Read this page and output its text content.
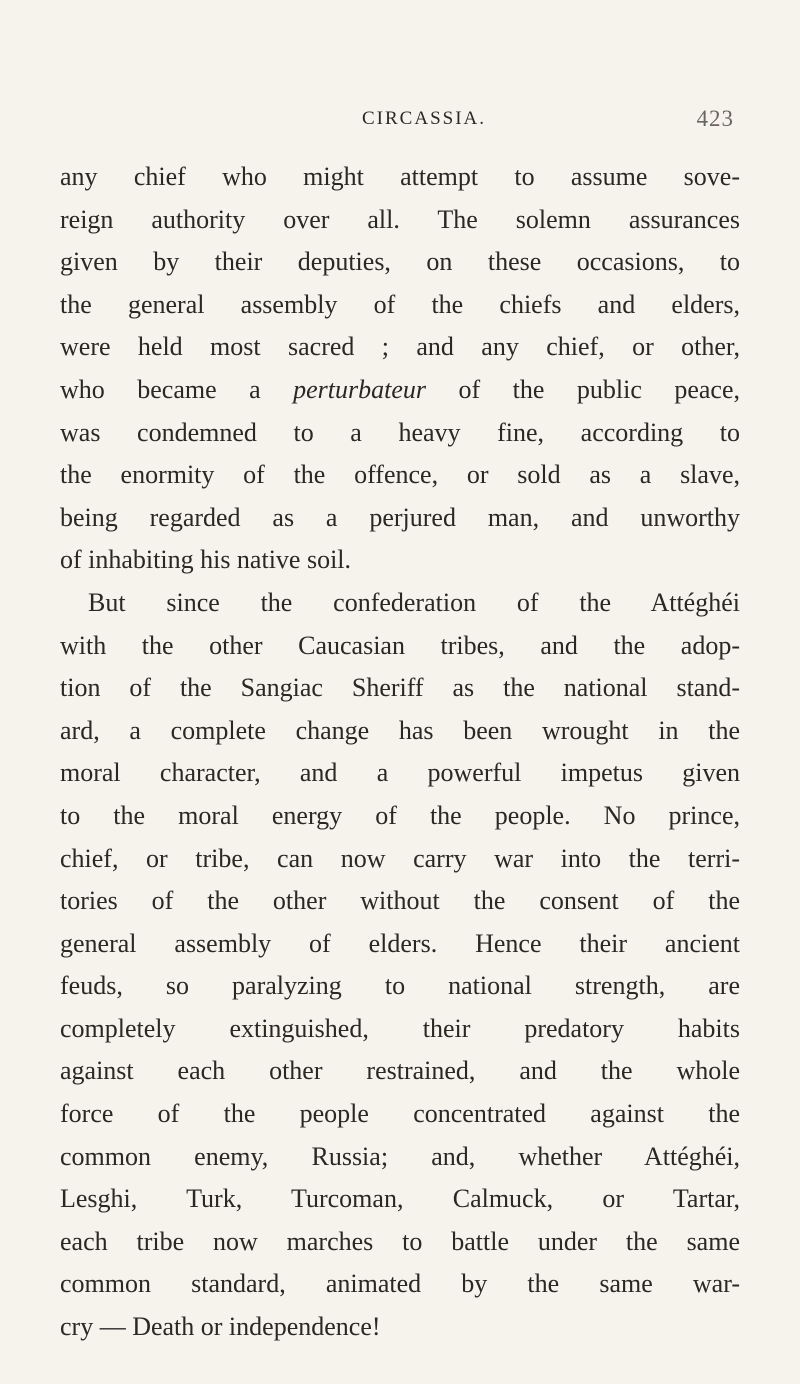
CIRCASSIA.	423
any chief who might attempt to assume sove-
reign authority over all. The solemn assurances
given by their deputies, on these occasions, to
the general assembly of the chiefs and elders,
were held most sacred ; and any chief, or other,
who became a perturbateur of the public peace,
was condemned to a heavy fine, according to
the enormity of the offence, or sold as a slave,
being regarded as a perjured man, and unworthy
of inhabiting his native soil.
But since the confederation of the Attéghéi
with the other Caucasian tribes, and the adop-
tion of the Sangiac Sheriff as the national stand-
ard, a complete change has been wrought in the
moral character, and a powerful impetus given
to the moral energy of the people. No prince,
chief, or tribe, can now carry war into the terri-
tories of the other without the consent of the
general assembly of elders. Hence their ancient
feuds, so paralyzing to national strength, are
completely extinguished, their predatory habits
against each other restrained, and the whole
force of the people concentrated against the
common enemy, Russia; and, whether Attéghéi,
Lesghi, Turk, Turcoman, Calmuck, or Tartar,
each tribe now marches to battle under the same
common standard, animated by the same war-
cry — Death or independence!
